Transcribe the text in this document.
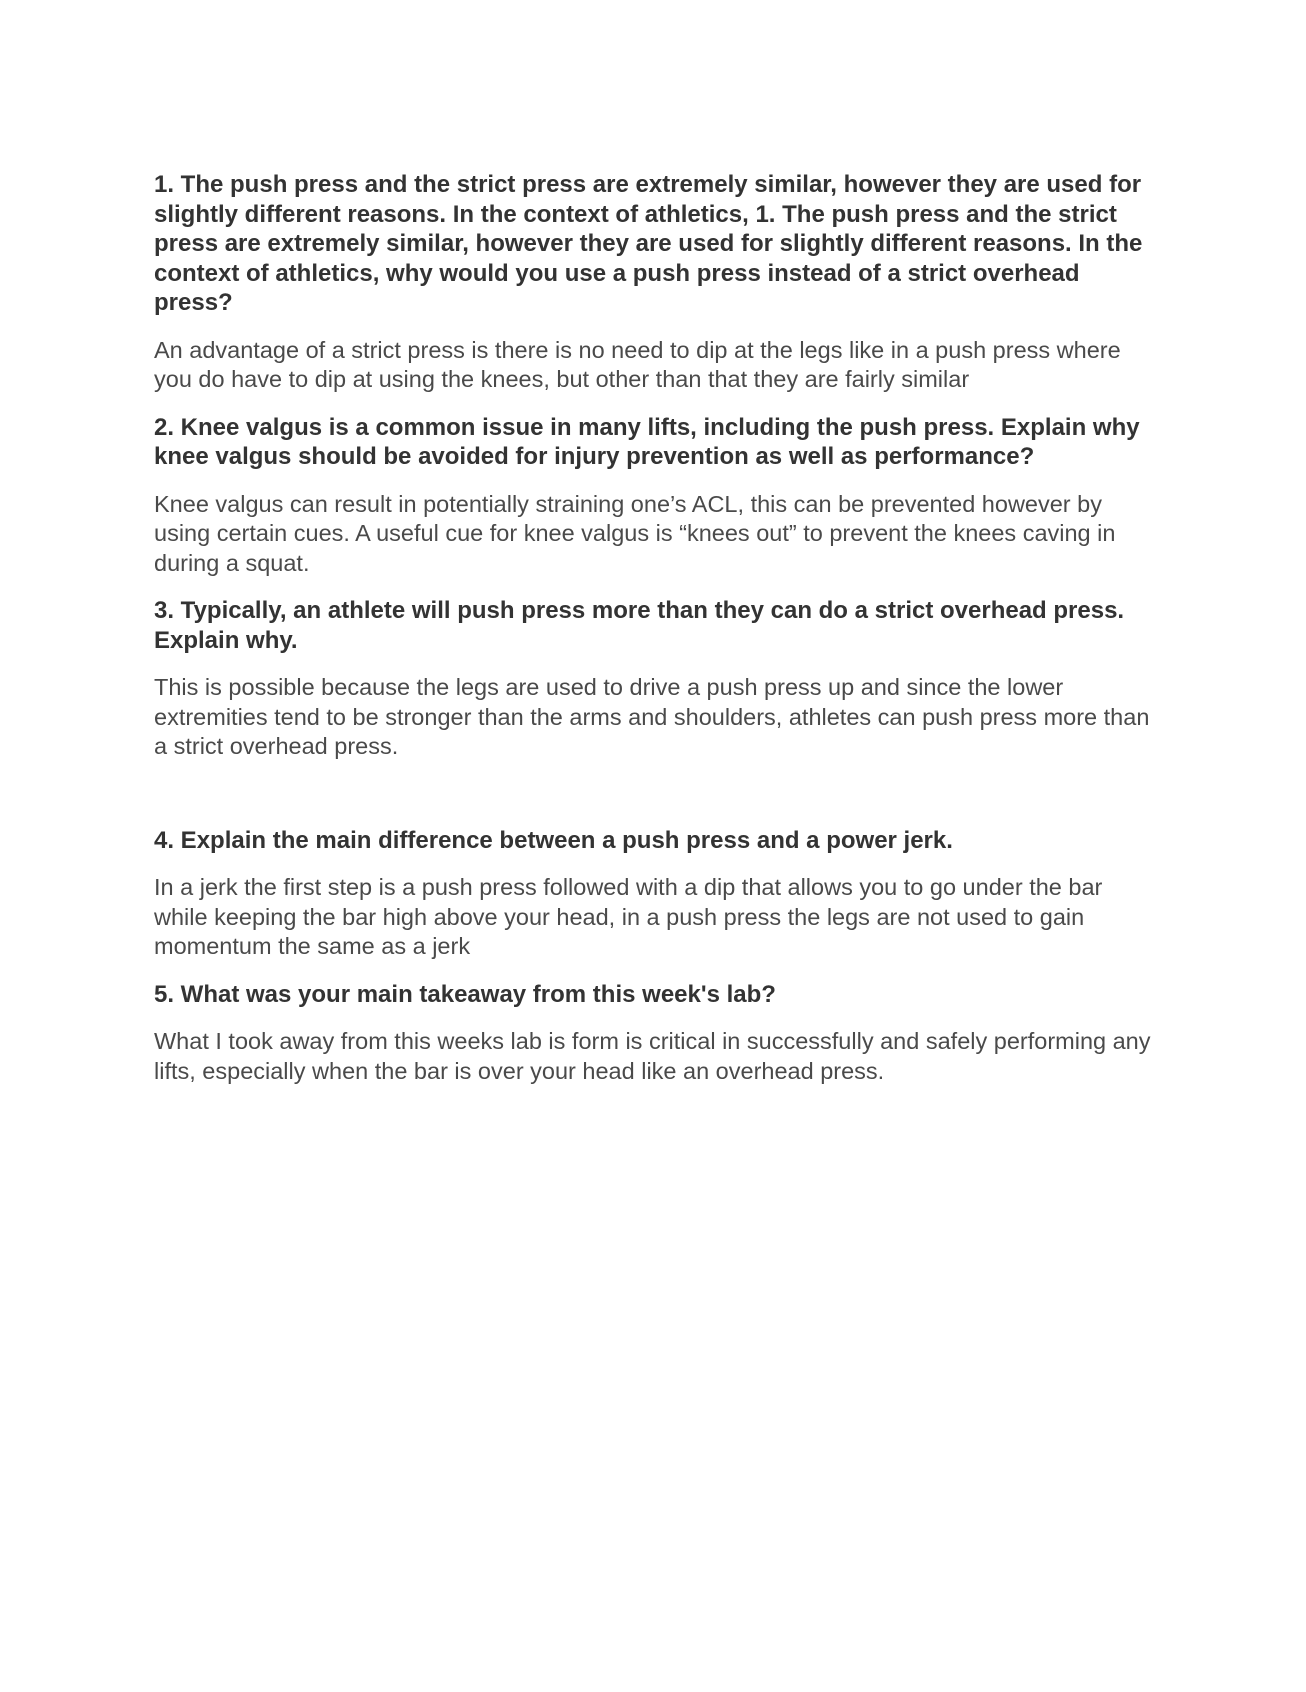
1. The push press and the strict press are extremely similar, however they are used for slightly different reasons. In the context of athletics, 1. The push press and the strict press are extremely similar, however they are used for slightly different reasons. In the context of athletics, why would you use a push press instead of a strict overhead press?

An advantage of a strict press is there is no need to dip at the legs like in a push press where you do have to dip at using the knees, but other than that they are fairly similar

2. Knee valgus is a common issue in many lifts, including the push press. Explain why knee valgus should be avoided for injury prevention as well as performance?

Knee valgus can result in potentially straining one’s ACL, this can be prevented however by using certain cues. A useful cue for knee valgus is “knees out” to prevent the knees caving in during a squat.

3. Typically, an athlete will push press more than they can do a strict overhead press. Explain why.

This is possible because the legs are used to drive a push press up and since the lower extremities tend to be stronger than the arms and shoulders, athletes can push press more than a strict overhead press.

4. Explain the main difference between a push press and a power jerk.

In a jerk the first step is a push press followed with a dip that allows you to go under the bar while keeping the bar high above your head, in a push press the legs are not used to gain momentum the same as a jerk

5. What was your main takeaway from this week's lab?

What I took away from this weeks lab is form is critical in successfully and safely performing any lifts, especially when the bar is over your head like an overhead press.
